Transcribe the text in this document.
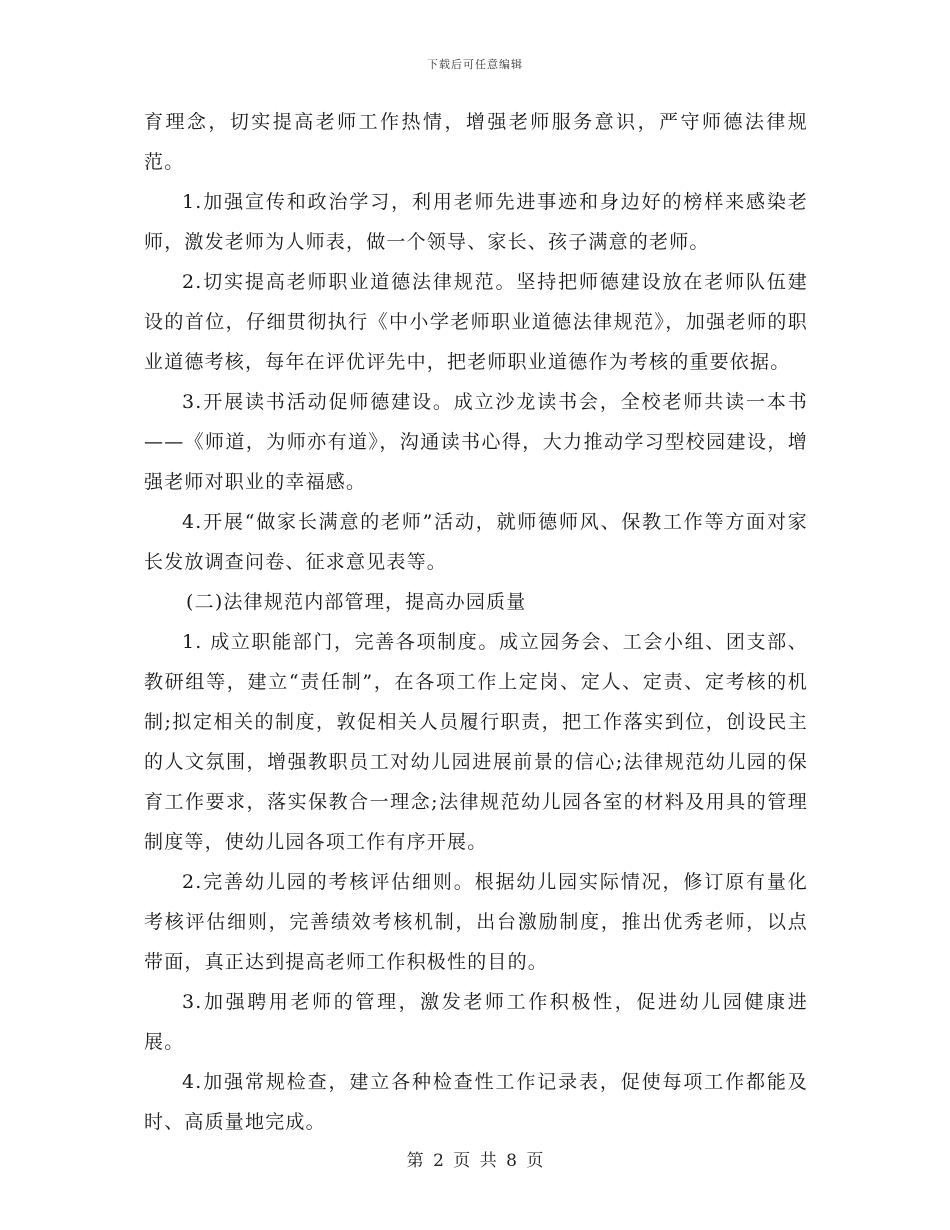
下载后可任意编辑

育理念，切实提高老师工作热情，增强老师服务意识，严守师德法律规范。

1.加强宣传和政治学习，利用老师先进事迹和身边好的榜样来感染老师，激发老师为人师表，做一个领导、家长、孩子满意的老师。

2.切实提高老师职业道德法律规范。坚持把师德建设放在老师队伍建设的首位，仔细贯彻执行《中小学老师职业道德法律规范》，加强老师的职业道德考核，每年在评优评先中，把老师职业道德作为考核的重要依据。

3.开展读书活动促师德建设。成立沙龙读书会，全校老师共读一本书——《师道，为师亦有道》，沟通读书心得，大力推动学习型校园建设，增强老师对职业的幸福感。

4.开展“做家长满意的老师”活动，就师德师风、保教工作等方面对家长发放调查问卷、征求意见表等。

(二)法律规范内部管理，提高办园质量

1. 成立职能部门，完善各项制度。成立园务会、工会小组、团支部、教研组等，建立“责任制”，在各项工作上定岗、定人、定责、定考核的机制;拟定相关的制度，敦促相关人员履行职责，把工作落实到位，创设民主的人文氛围，增强教职员工对幼儿园进展前景的信心;法律规范幼儿园的保育工作要求，落实保教合一理念;法律规范幼儿园各室的材料及用具的管理制度等，使幼儿园各项工作有序开展。

2.完善幼儿园的考核评估细则。根据幼儿园实际情况，修订原有量化考核评估细则，完善绩效考核机制，出台激励制度，推出优秀老师，以点带面，真正达到提高老师工作积极性的目的。

3.加强聘用老师的管理，激发老师工作积极性，促进幼儿园健康进展。

4.加强常规检查，建立各种检查性工作记录表，促使每项工作都能及时、高质量地完成。

第 2 页 共 8 页
